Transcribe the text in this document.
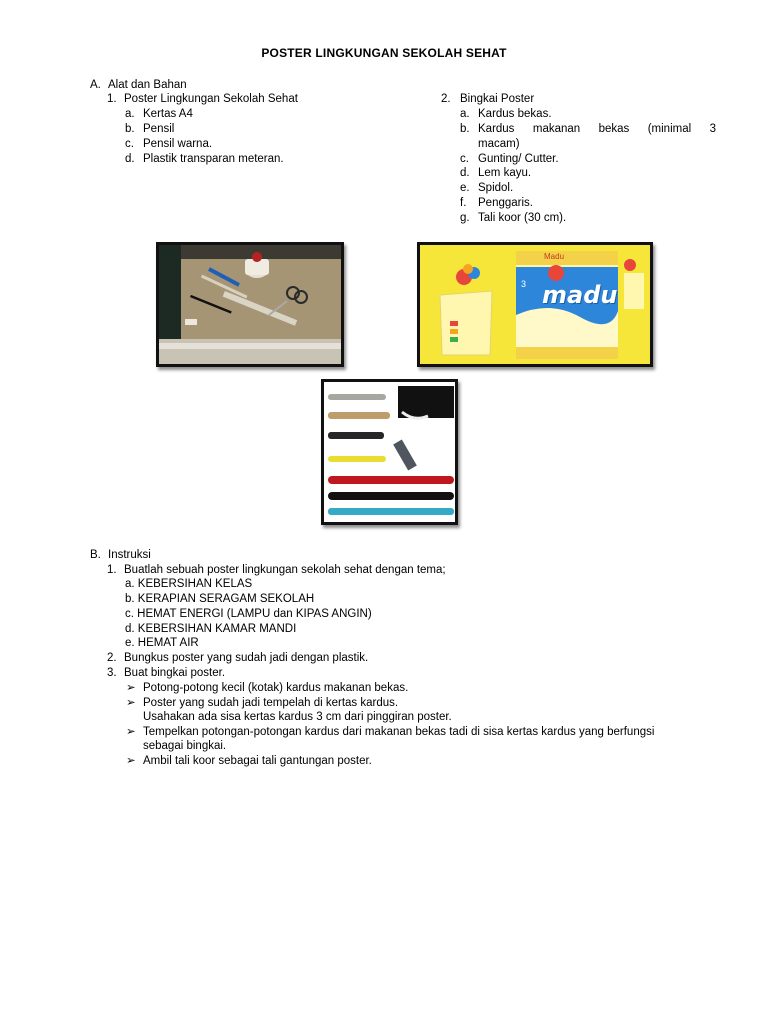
POSTER LINGKUNGAN SEKOLAH SEHAT
A. Alat dan Bahan
1. Poster Lingkungan Sekolah Sehat
a. Kertas A4
b. Pensil
c. Pensil warna.
d. Plastik transparan meteran.
2. Bingkai Poster
a. Kardus bekas.
b. Kardus makanan bekas (minimal 3
macam)
c. Gunting/ Cutter.
d. Lem kayu.
e. Spidol.
f. Penggaris.
g. Tali koor (30 cm).
madu
Madu
3
B. Instruksi
1. Buatlah sebuah poster lingkungan sekolah sehat dengan tema;
a. KEBERSIHAN KELAS
b. KERAPIAN SERAGAM SEKOLAH
c. HEMAT ENERGI (LAMPU dan KIPAS ANGIN)
d. KEBERSIHAN KAMAR MANDI
e. HEMAT AIR
2. Bungkus poster yang sudah jadi dengan plastik.
3. Buat bingkai poster.
➢ Potong-potong kecil (kotak) kardus makanan bekas.
➢ Poster yang sudah jadi tempelah di kertas kardus.
Usahakan ada sisa kertas kardus 3 cm dari pinggiran poster.
➢ Tempelkan potongan-potongan kardus dari makanan bekas tadi di sisa kertas kardus yang berfungsi
sebagai bingkai.
➢ Ambil tali koor sebagai tali gantungan poster.
